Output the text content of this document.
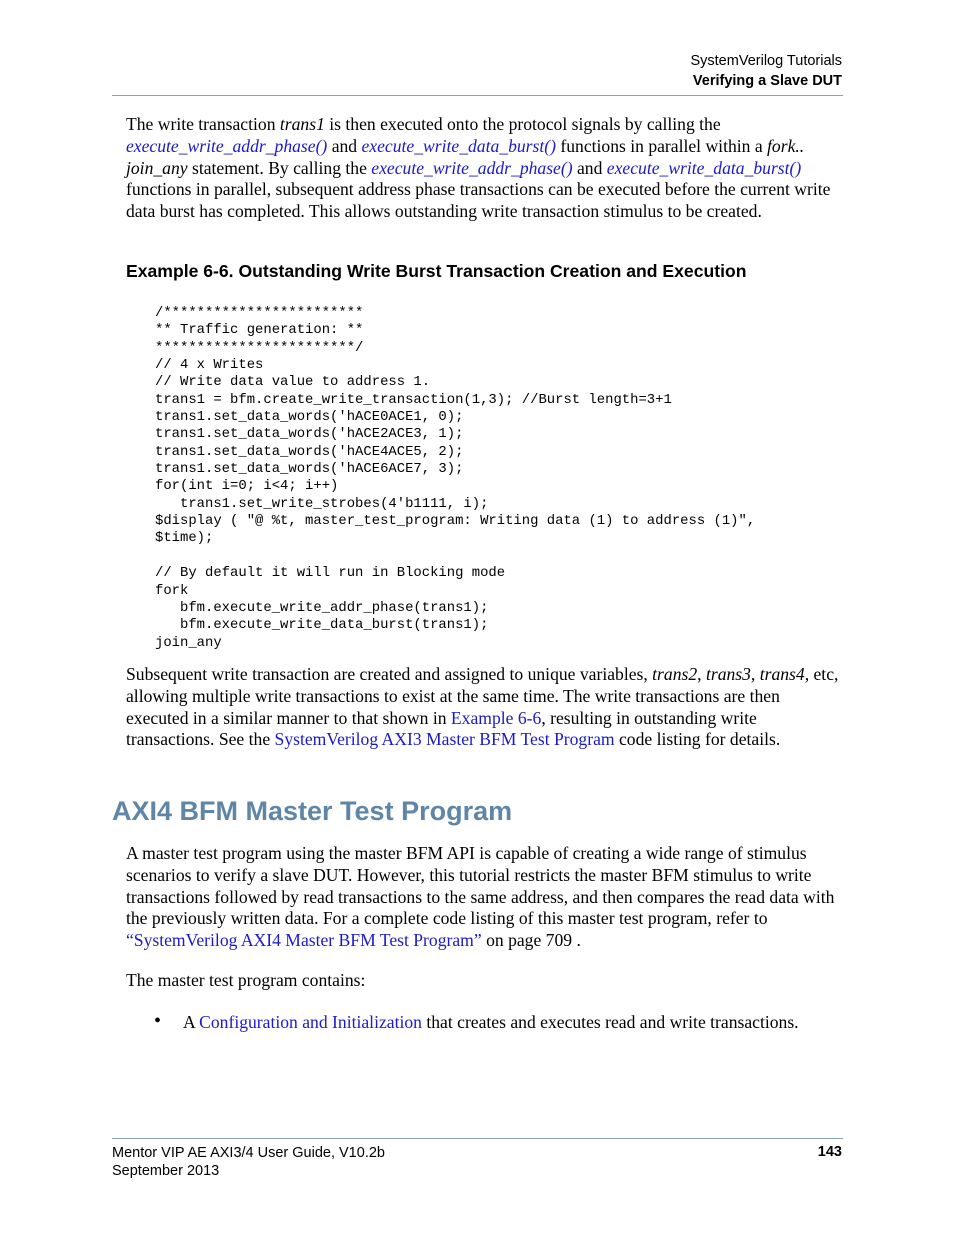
SystemVerilog Tutorials
Verifying a Slave DUT

The write transaction trans1 is then executed onto the protocol signals by calling the execute_write_addr_phase() and execute_write_data_burst() functions in parallel within a fork.. join_any statement. By calling the execute_write_addr_phase() and execute_write_data_burst() functions in parallel, subsequent address phase transactions can be executed before the current write data burst has completed. This allows outstanding write transaction stimulus to be created.

Example 6-6. Outstanding Write Burst Transaction Creation and Execution
/************************
** Traffic generation: **
************************/
// 4 x Writes
// Write data value to address 1.
trans1 = bfm.create_write_transaction(1,3); //Burst length=3+1
trans1.set_data_words('hACE0ACE1, 0);
trans1.set_data_words('hACE2ACE3, 1);
trans1.set_data_words('hACE4ACE5, 2);
trans1.set_data_words('hACE6ACE7, 3);
for(int i=0; i<4; i++)
trans1.set_write_strobes(4'b1111, i);
$display ( "@ %t, master_test_program: Writing data (1) to address (1)",
$time);

// By default it will run in Blocking mode
fork
bfm.execute_write_addr_phase(trans1);
bfm.execute_write_data_burst(trans1);
join_any

Subsequent write transaction are created and assigned to unique variables, trans2, trans3, trans4, etc, allowing multiple write transactions to exist at the same time. The write transactions are then executed in a similar manner to that shown in Example 6-6, resulting in outstanding write transactions. See the SystemVerilog AXI3 Master BFM Test Program code listing for details.

AXI4 BFM Master Test Program

A master test program using the master BFM API is capable of creating a wide range of stimulus scenarios to verify a slave DUT. However, this tutorial restricts the master BFM stimulus to write transactions followed by read transactions to the same address, and then compares the read data with the previously written data. For a complete code listing of this master test program, refer to “SystemVerilog AXI4 Master BFM Test Program” on page 709 .

The master test program contains:
• A Configuration and Initialization that creates and executes read and write transactions.

Mentor VIP AE AXI3/4 User Guide, V10.2b
September 2013
143
